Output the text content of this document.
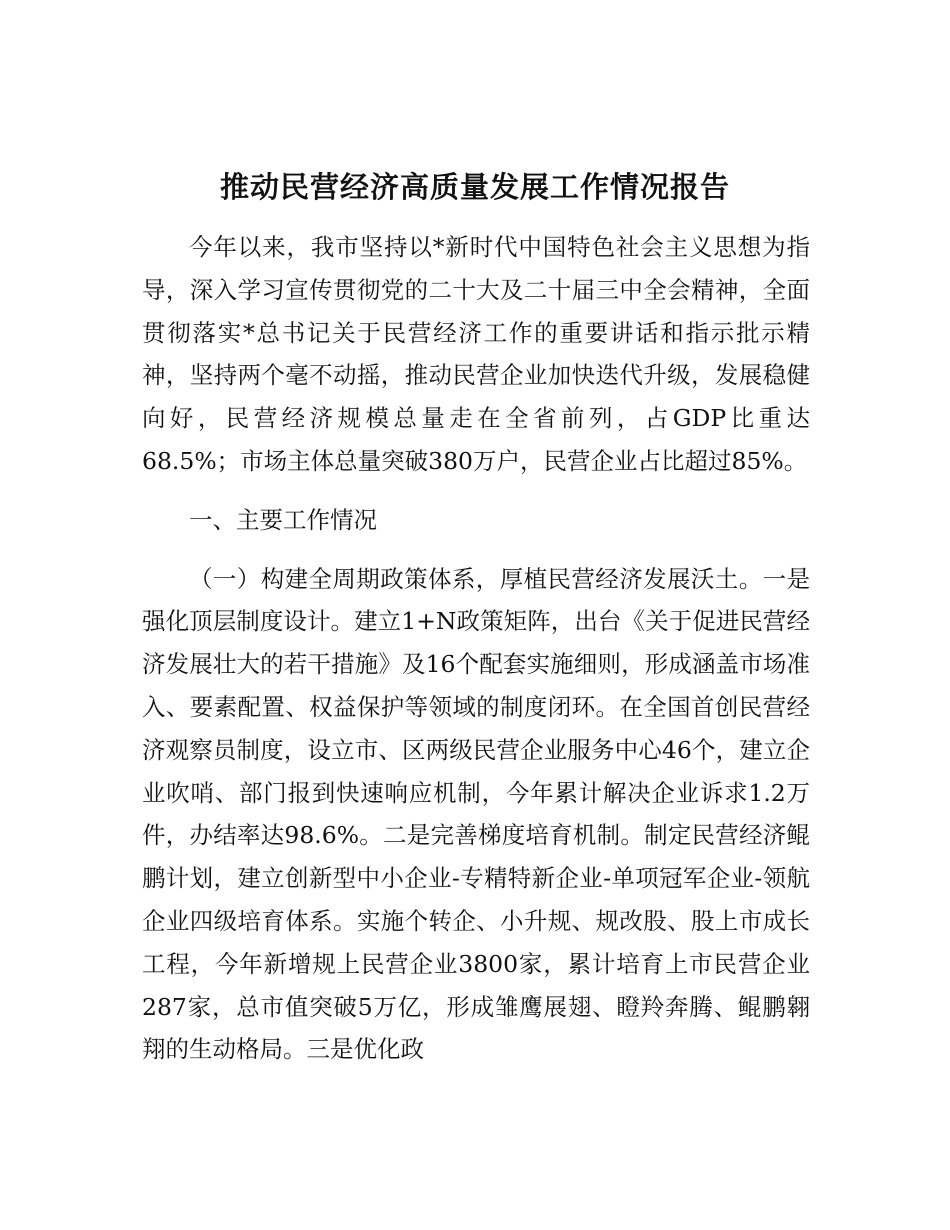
推动民营经济高质量发展工作情况报告

今年以来，我市坚持以*新时代中国特色社会主义思想为指导，深入学习宣传贯彻党的二十大及二十届三中全会精神，全面贯彻落实*总书记关于民营经济工作的重要讲话和指示批示精神，坚持两个毫不动摇，推动民营企业加快迭代升级，发展稳健向好，民营经济规模总量走在全省前列，占GDP比重达68.5%；市场主体总量突破380万户，民营企业占比超过85%。

一、主要工作情况

（一）构建全周期政策体系，厚植民营经济发展沃土。一是强化顶层制度设计。建立1+N政策矩阵，出台《关于促进民营经济发展壮大的若干措施》及16个配套实施细则，形成涵盖市场准入、要素配置、权益保护等领域的制度闭环。在全国首创民营经济观察员制度，设立市、区两级民营企业服务中心46个，建立企业吹哨、部门报到快速响应机制，今年累计解决企业诉求1.2万件，办结率达98.6%。二是完善梯度培育机制。制定民营经济鲲鹏计划，建立创新型中小企业-专精特新企业-单项冠军企业-领航企业四级培育体系。实施个转企、小升规、规改股、股上市成长工程，今年新增规上民营企业3800家，累计培育上市民营企业287家，总市值突破5万亿，形成雏鹰展翅、瞪羚奔腾、鲲鹏翱翔的生动格局。三是优化政
